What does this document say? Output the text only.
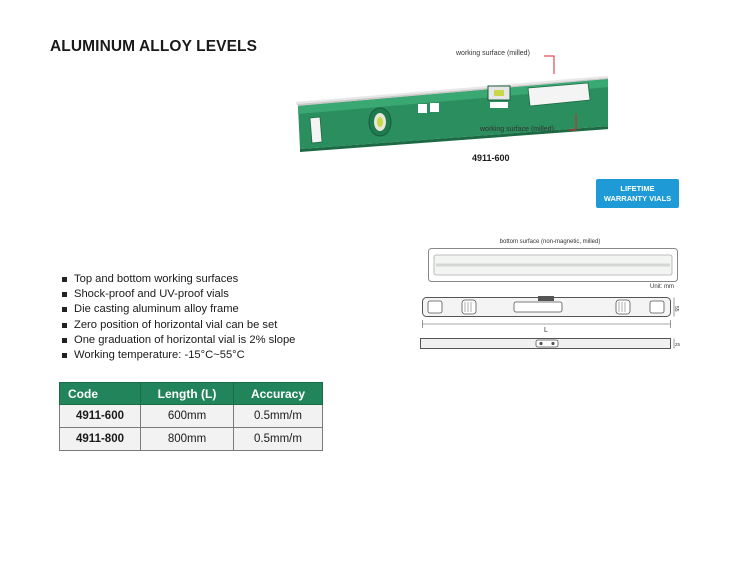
ALUMINUM ALLOY LEVELS	working surface (milled)
working surface (milled)
4911-600
LIFETIME
WARRANTY VIALS
bottom surface (non-magnetic, milled)
Unit: mm
L
55
25
Top and bottom working surfaces
Shock-proof and UV-proof vials
Die casting aluminum alloy frame
Zero position of horizontal vial can be set
One graduation of horizontal vial is 2% slope
Working temperature: -15°C~55°C
Code	Length (L)	Accuracy
4911-600	600mm	0.5mm/m
4911-800	800mm	0.5mm/m
